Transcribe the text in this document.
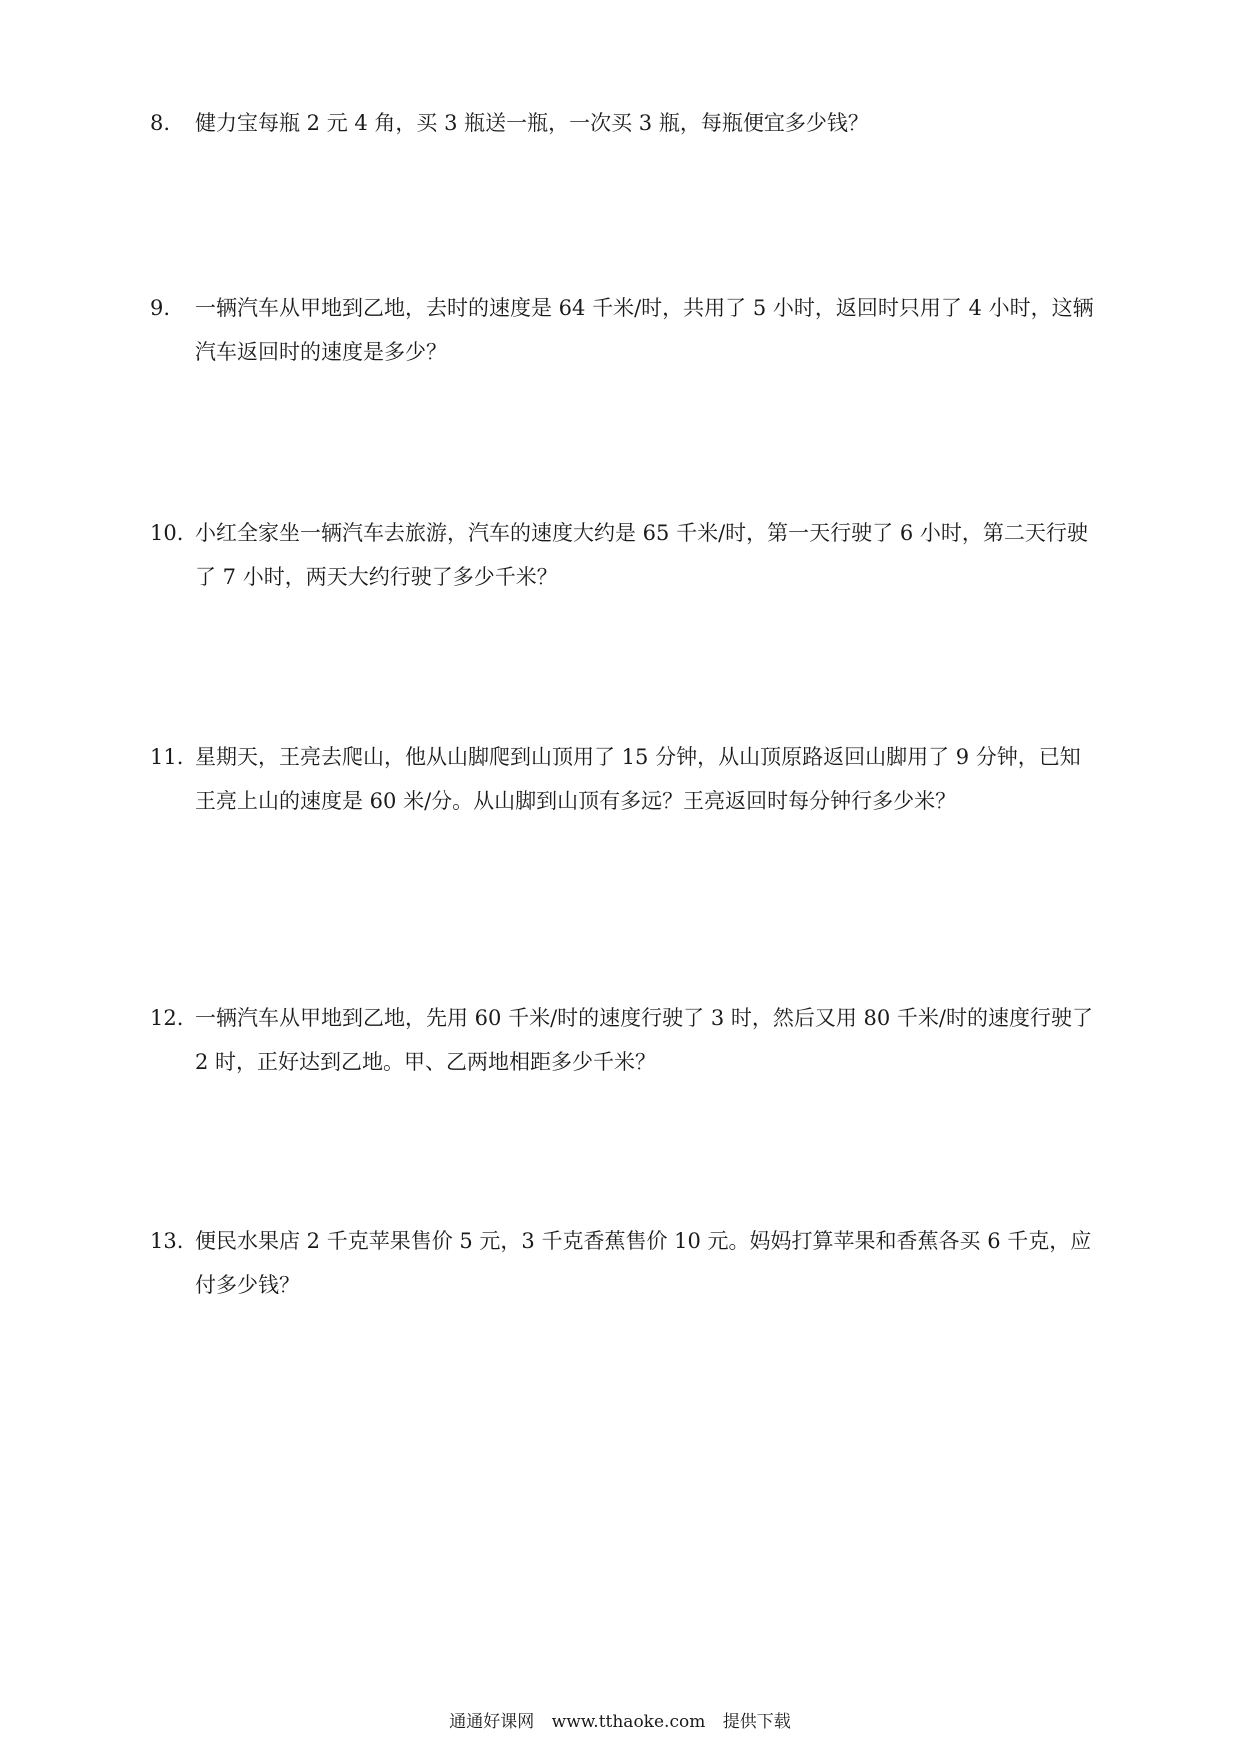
8. 健力宝每瓶 2 元 4 角，买 3 瓶送一瓶，一次买 3 瓶，每瓶便宜多少钱？
9. 一辆汽车从甲地到乙地，去时的速度是 64 千米/时，共用了 5 小时，返回时只用了 4 小时，这辆汽车返回时的速度是多少？
10. 小红全家坐一辆汽车去旅游，汽车的速度大约是 65 千米/时，第一天行驶了 6 小时，第二天行驶了 7 小时，两天大约行驶了多少千米？
11. 星期天，王亮去爬山，他从山脚爬到山顶用了 15 分钟，从山顶原路返回山脚用了 9 分钟，已知王亮上山的速度是 60 米/分。从山脚到山顶有多远？王亮返回时每分钟行多少米？
12. 一辆汽车从甲地到乙地，先用 60 千米/时的速度行驶了 3 时，然后又用 80 千米/时的速度行驶了 2 时，正好达到乙地。甲、乙两地相距多少千米？
13. 便民水果店 2 千克苹果售价 5 元，3 千克香蕉售价 10 元。妈妈打算苹果和香蕉各买 6 千克，应付多少钱？
通通好课网 www.tthaoke.com 提供下载
